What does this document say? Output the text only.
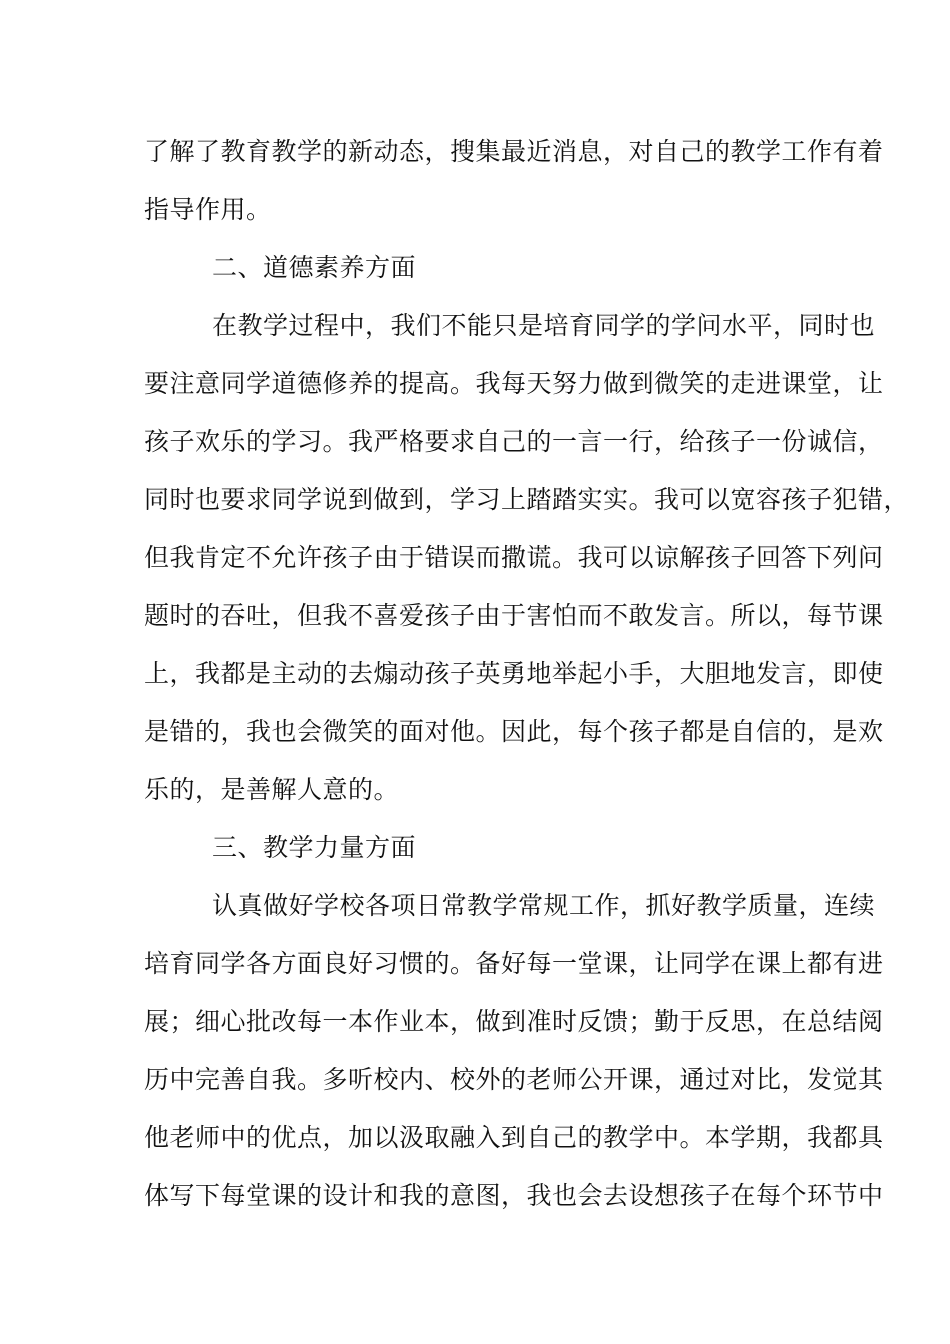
了解了教育教学的新动态，搜集最近消息，对自己的教学工作有着
指导作用。
二、道德素养方面
在教学过程中，我们不能只是培育同学的学问水平，同时也
要注意同学道德修养的提高。我每天努力做到微笑的走进课堂，让
孩子欢乐的学习。我严格要求自己的一言一行，给孩子一份诚信，
同时也要求同学说到做到，学习上踏踏实实。我可以宽容孩子犯错，
但我肯定不允许孩子由于错误而撒谎。我可以谅解孩子回答下列问
题时的吞吐，但我不喜爱孩子由于害怕而不敢发言。所以，每节课
上，我都是主动的去煽动孩子英勇地举起小手，大胆地发言，即使
是错的，我也会微笑的面对他。因此，每个孩子都是自信的，是欢
乐的，是善解人意的。
三、教学力量方面
认真做好学校各项日常教学常规工作，抓好教学质量，连续
培育同学各方面良好习惯的。备好每一堂课，让同学在课上都有进
展；细心批改每一本作业本，做到准时反馈；勤于反思，在总结阅
历中完善自我。多听校内、校外的老师公开课，通过对比，发觉其
他老师中的优点，加以汲取融入到自己的教学中。本学期，我都具
体写下每堂课的设计和我的意图，我也会去设想孩子在每个环节中
